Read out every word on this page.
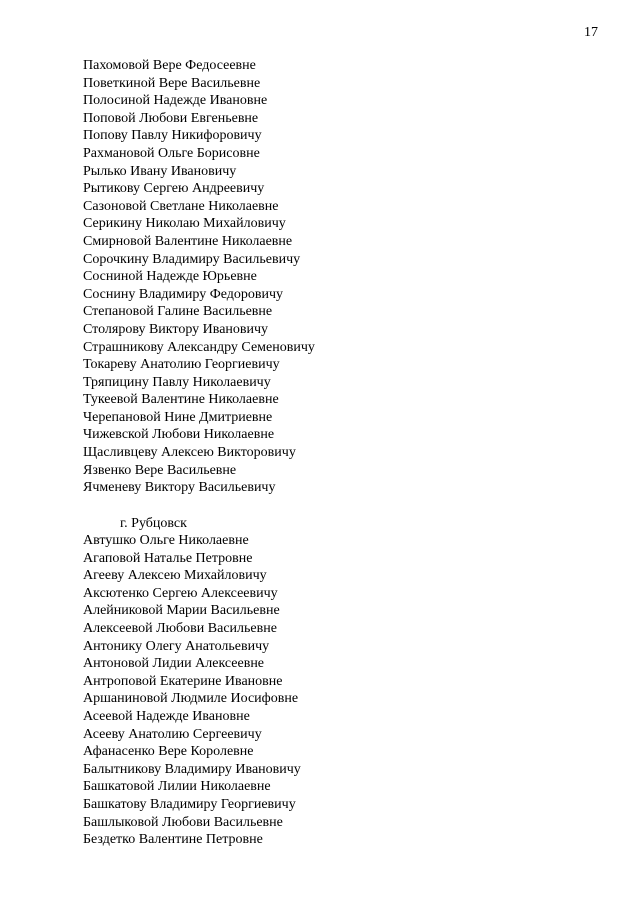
17
Пахомовой Вере Федосеевне
Поветкиной Вере Васильевне
Полосиной Надежде Ивановне
Поповой Любови Евгеньевне
Попову Павлу Никифоровичу
Рахмановой Ольге Борисовне
Рылько Ивану Ивановичу
Рытикову Сергею Андреевичу
Сазоновой Светлане Николаевне
Серикину Николаю Михайловичу
Смирновой Валентине Николаевне
Сорочкину Владимиру Васильевичу
Сосниной Надежде Юрьевне
Соснину Владимиру Федоровичу
Степановой Галине Васильевне
Столярову Виктору Ивановичу
Страшникову Александру Семеновичу
Токареву Анатолию Георгиевичу
Тряпицину Павлу Николаевичу
Тукеевой Валентине Николаевне
Черепановой Нине Дмитриевне
Чижевской Любови Николаевне
Щасливцеву Алексею Викторовичу
Язвенко Вере Васильевне
Ячменеву Виктору Васильевичу
г. Рубцовск
Автушко Ольге Николаевне
Агаповой Наталье Петровне
Агееву Алексею Михайловичу
Аксютенко Сергею Алексеевичу
Алейниковой Марии Васильевне
Алексеевой Любови Васильевне
Антонику Олегу Анатольевичу
Антоновой Лидии Алексеевне
Антроповой Екатерине Ивановне
Аршаниновой Людмиле Иосифовне
Асеевой Надежде Ивановне
Асееву Анатолию Сергеевичу
Афанасенко Вере Королевне
Балытникову Владимиру Ивановичу
Башкатовой Лилии Николаевне
Башкатову Владимиру Георгиевичу
Башлыковой Любови Васильевне
Бездетко Валентине Петровне
